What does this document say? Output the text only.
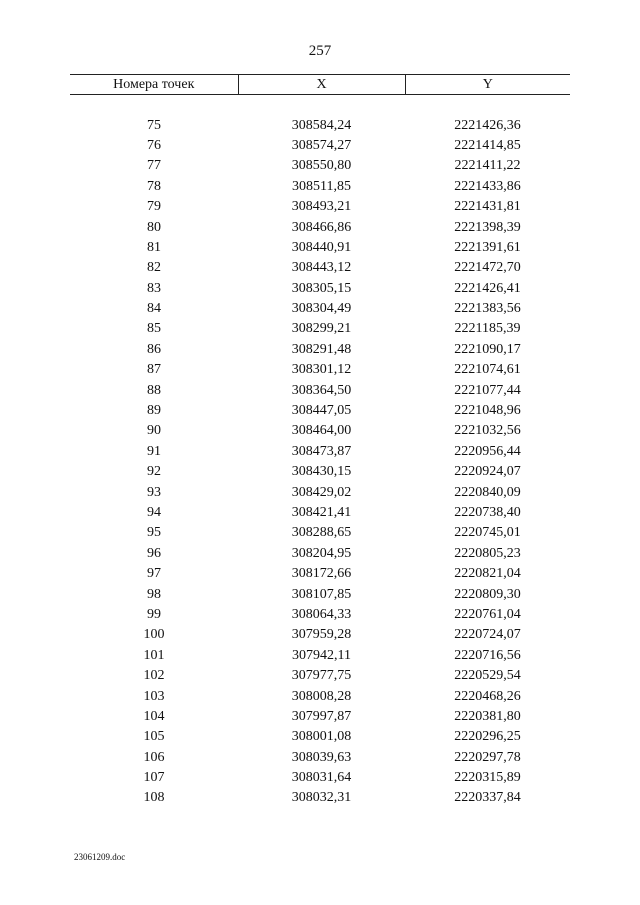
257
Номера точек	X	Y

75	308584,24	2221426,36
76	308574,27	2221414,85
77	308550,80	2221411,22
78	308511,85	2221433,86
79	308493,21	2221431,81
80	308466,86	2221398,39
81	308440,91	2221391,61
82	308443,12	2221472,70
83	308305,15	2221426,41
84	308304,49	2221383,56
85	308299,21	2221185,39
86	308291,48	2221090,17
87	308301,12	2221074,61
88	308364,50	2221077,44
89	308447,05	2221048,96
90	308464,00	2221032,56
91	308473,87	2220956,44
92	308430,15	2220924,07
93	308429,02	2220840,09
94	308421,41	2220738,40
95	308288,65	2220745,01
96	308204,95	2220805,23
97	308172,66	2220821,04
98	308107,85	2220809,30
99	308064,33	2220761,04
100	307959,28	2220724,07
101	307942,11	2220716,56
102	307977,75	2220529,54
103	308008,28	2220468,26
104	307997,87	2220381,80
105	308001,08	2220296,25
106	308039,63	2220297,78
107	308031,64	2220315,89
108	308032,31	2220337,84
23061209.doc
